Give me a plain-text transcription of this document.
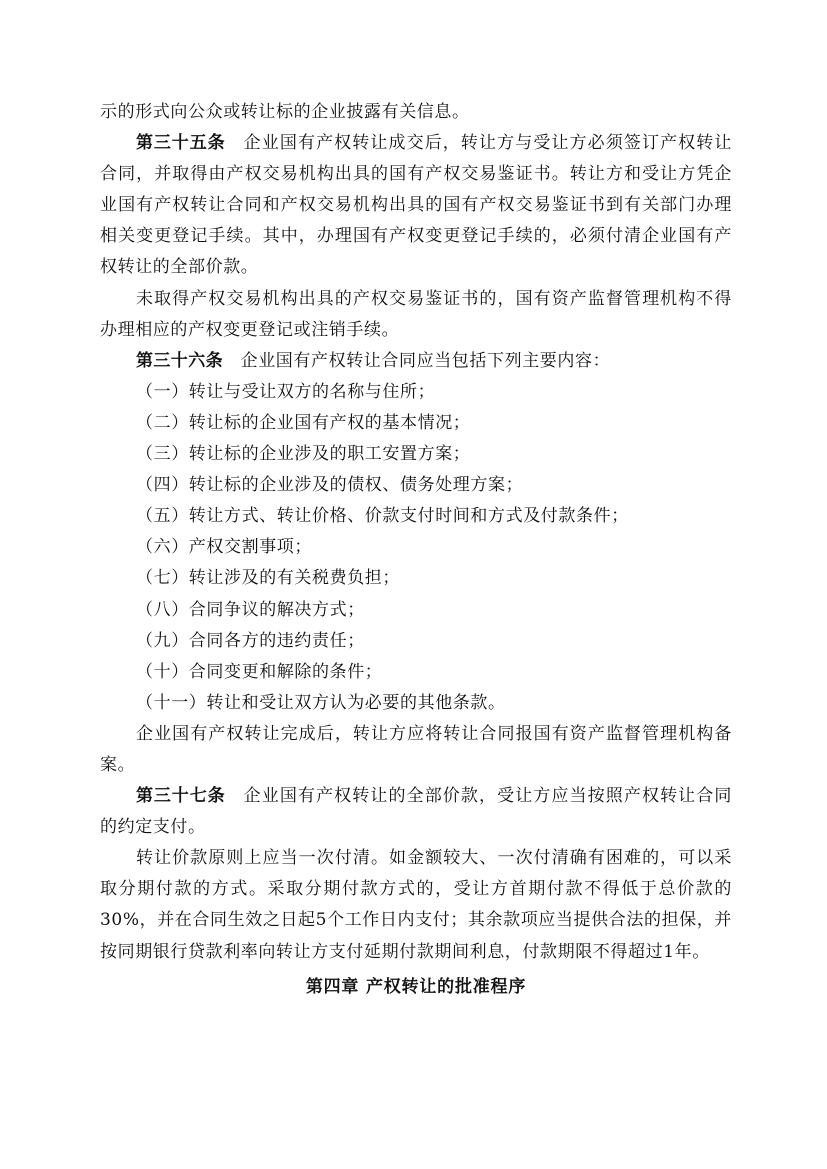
示的形式向公众或转让标的企业披露有关信息。

第三十五条　 企业国有产权转让成交后，转让方与受让方必须签订产权转让合同，并取得由产权交易机构出具的国有产权交易鉴证书。转让方和受让方凭企业国有产权转让合同和产权交易机构出具的国有产权交易鉴证书到有关部门办理相关变更登记手续。其中，办理国有产权变更登记手续的，必须付清企业国有产权转让的全部价款。

未取得产权交易机构出具的产权交易鉴证书的，国有资产监督管理机构不得办理相应的产权变更登记或注销手续。

第三十六条　 企业国有产权转让合同应当包括下列主要内容：

（一）转让与受让双方的名称与住所；

（二）转让标的企业国有产权的基本情况；

（三）转让标的企业涉及的职工安置方案；

（四）转让标的企业涉及的债权、债务处理方案；

（五）转让方式、转让价格、价款支付时间和方式及付款条件；

（六）产权交割事项；

（七）转让涉及的有关税费负担；

（八）合同争议的解决方式；

（九）合同各方的违约责任；

（十）合同变更和解除的条件；

（十一）转让和受让双方认为必要的其他条款。

企业国有产权转让完成后，转让方应将转让合同报国有资产监督管理机构备案。

第三十七条　 企业国有产权转让的全部价款，受让方应当按照产权转让合同的约定支付。

转让价款原则上应当一次付清。如金额较大、一次付清确有困难的，可以采取分期付款的方式。采取分期付款方式的，受让方首期付款不得低于总价款的30%，并在合同生效之日起5个工作日内支付；其余款项应当提供合法的担保，并按同期银行贷款利率向转让方支付延期付款期间利息，付款期限不得超过1年。

第四章 产权转让的批准程序
